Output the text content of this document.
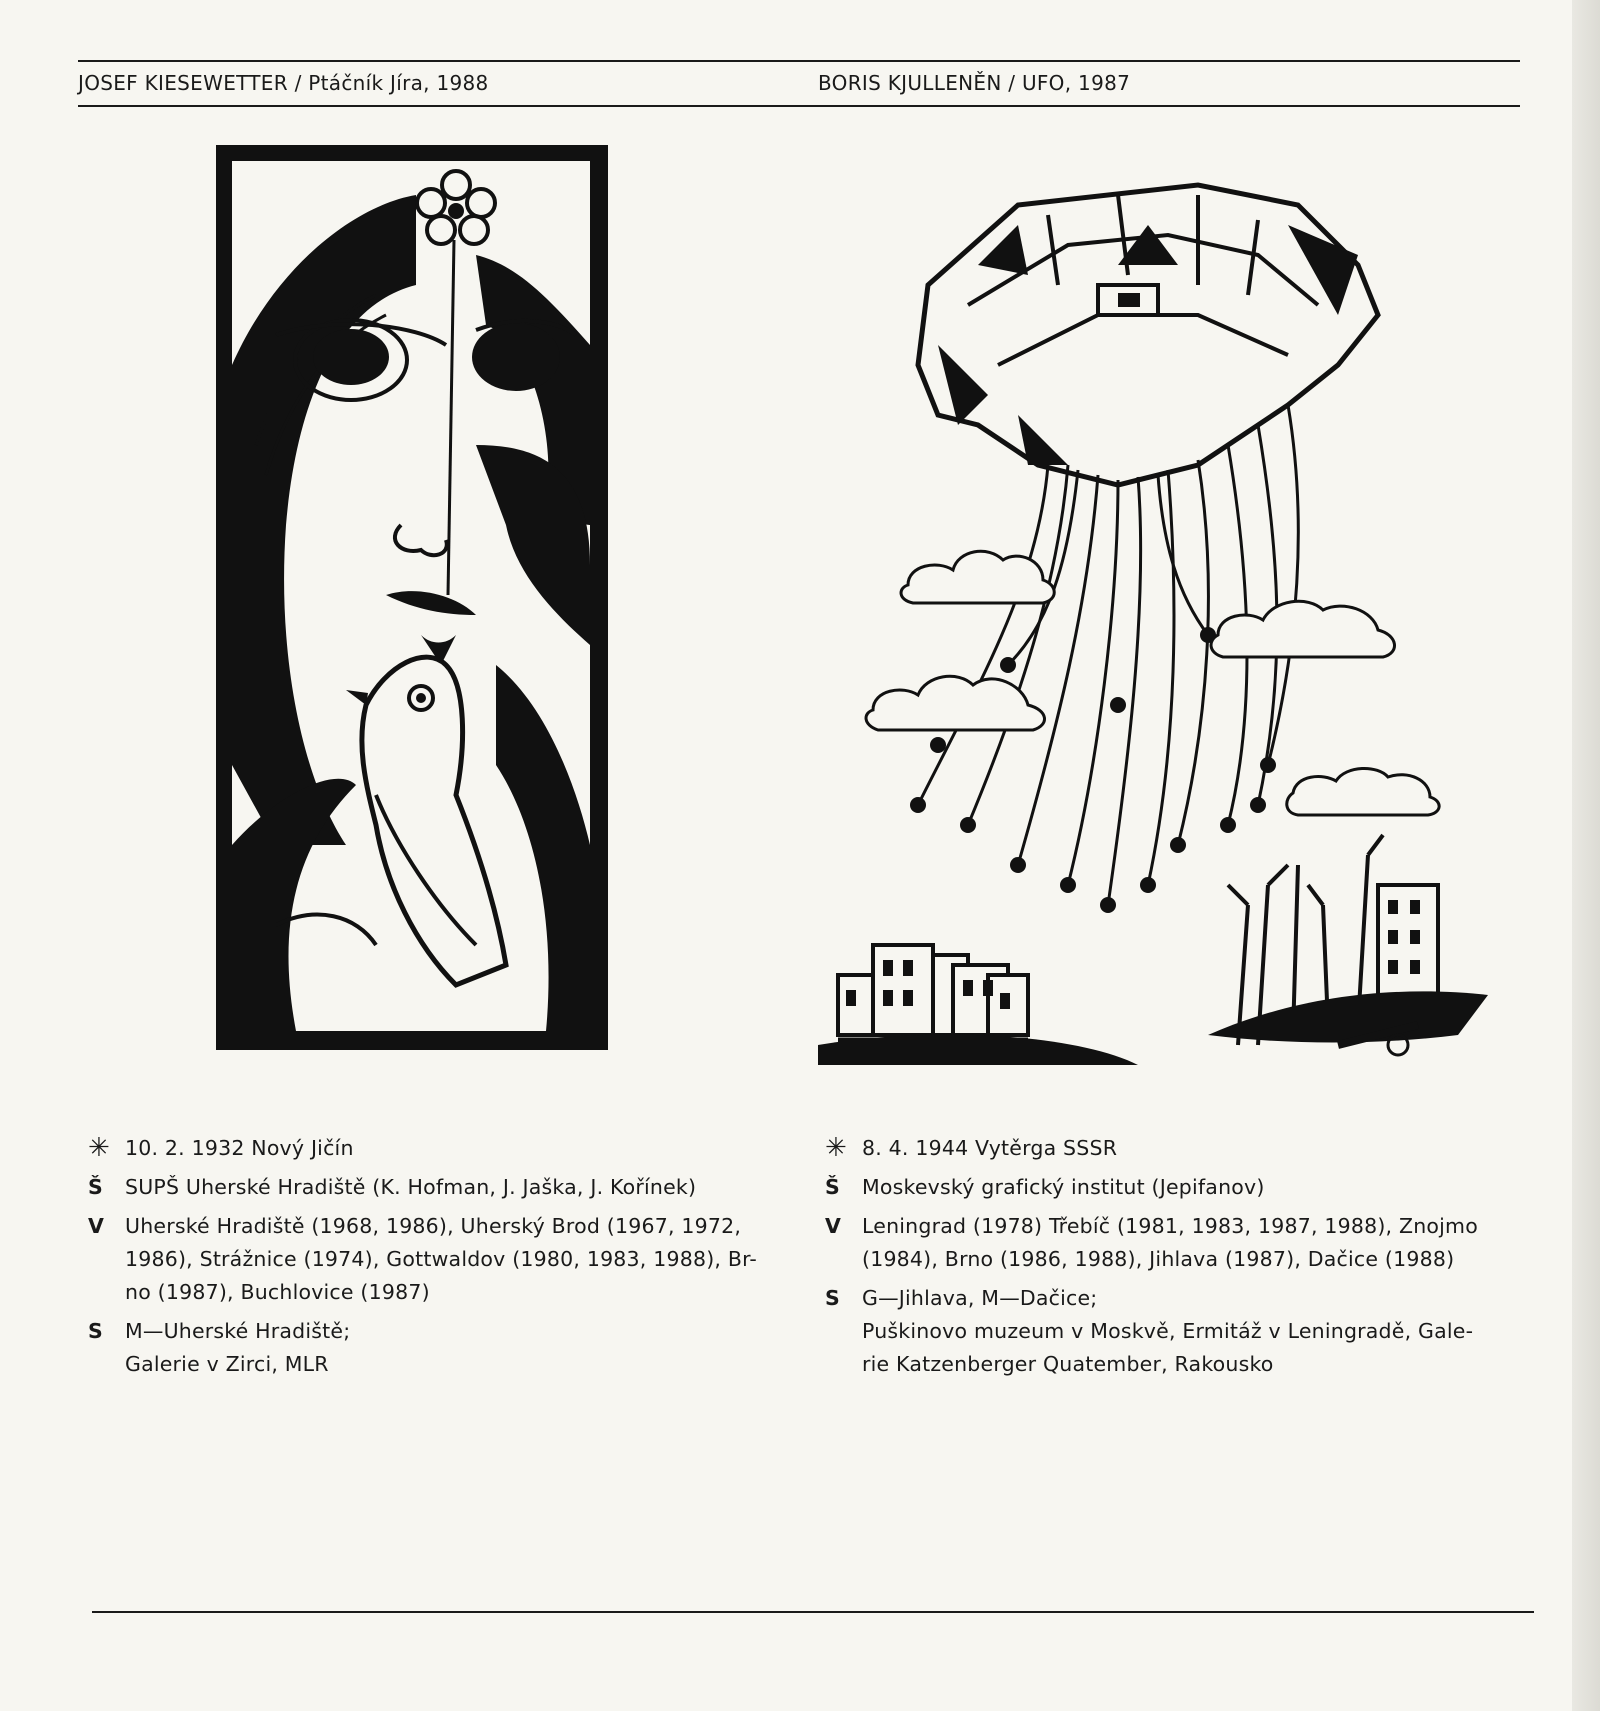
JOSEF KIESEWETTER / Ptáčník Jíra, 1988	BORIS KJULLENĚN / UFO, 1987
✳ 10. 2. 1932 Nový Jičín
Š	SUPŠ Uherské Hradiště (K. Hofman, J. Jaška, J. Kořínek)
V	Uherské Hradiště (1968, 1986), Uherský Brod (1967, 1972,
1986), Strážnice (1974), Gottwaldov (1980, 1983, 1988), Br-
no (1987), Buchlovice (1987)
S	M—Uherské Hradiště;
Galerie v Zirci, MLR
✳ 8. 4. 1944 Vytěrga SSSR
Š	Moskevský grafický institut (Jepifanov)
V	Leningrad (1978) Třebíč (1981, 1983, 1987, 1988), Znojmo
(1984), Brno (1986, 1988), Jihlava (1987), Dačice (1988)
S	G—Jihlava, M—Dačice;
Puškinovo muzeum v Moskvě, Ermitáž v Leningradě, Gale-
rie Katzenberger Quatember, Rakousko
